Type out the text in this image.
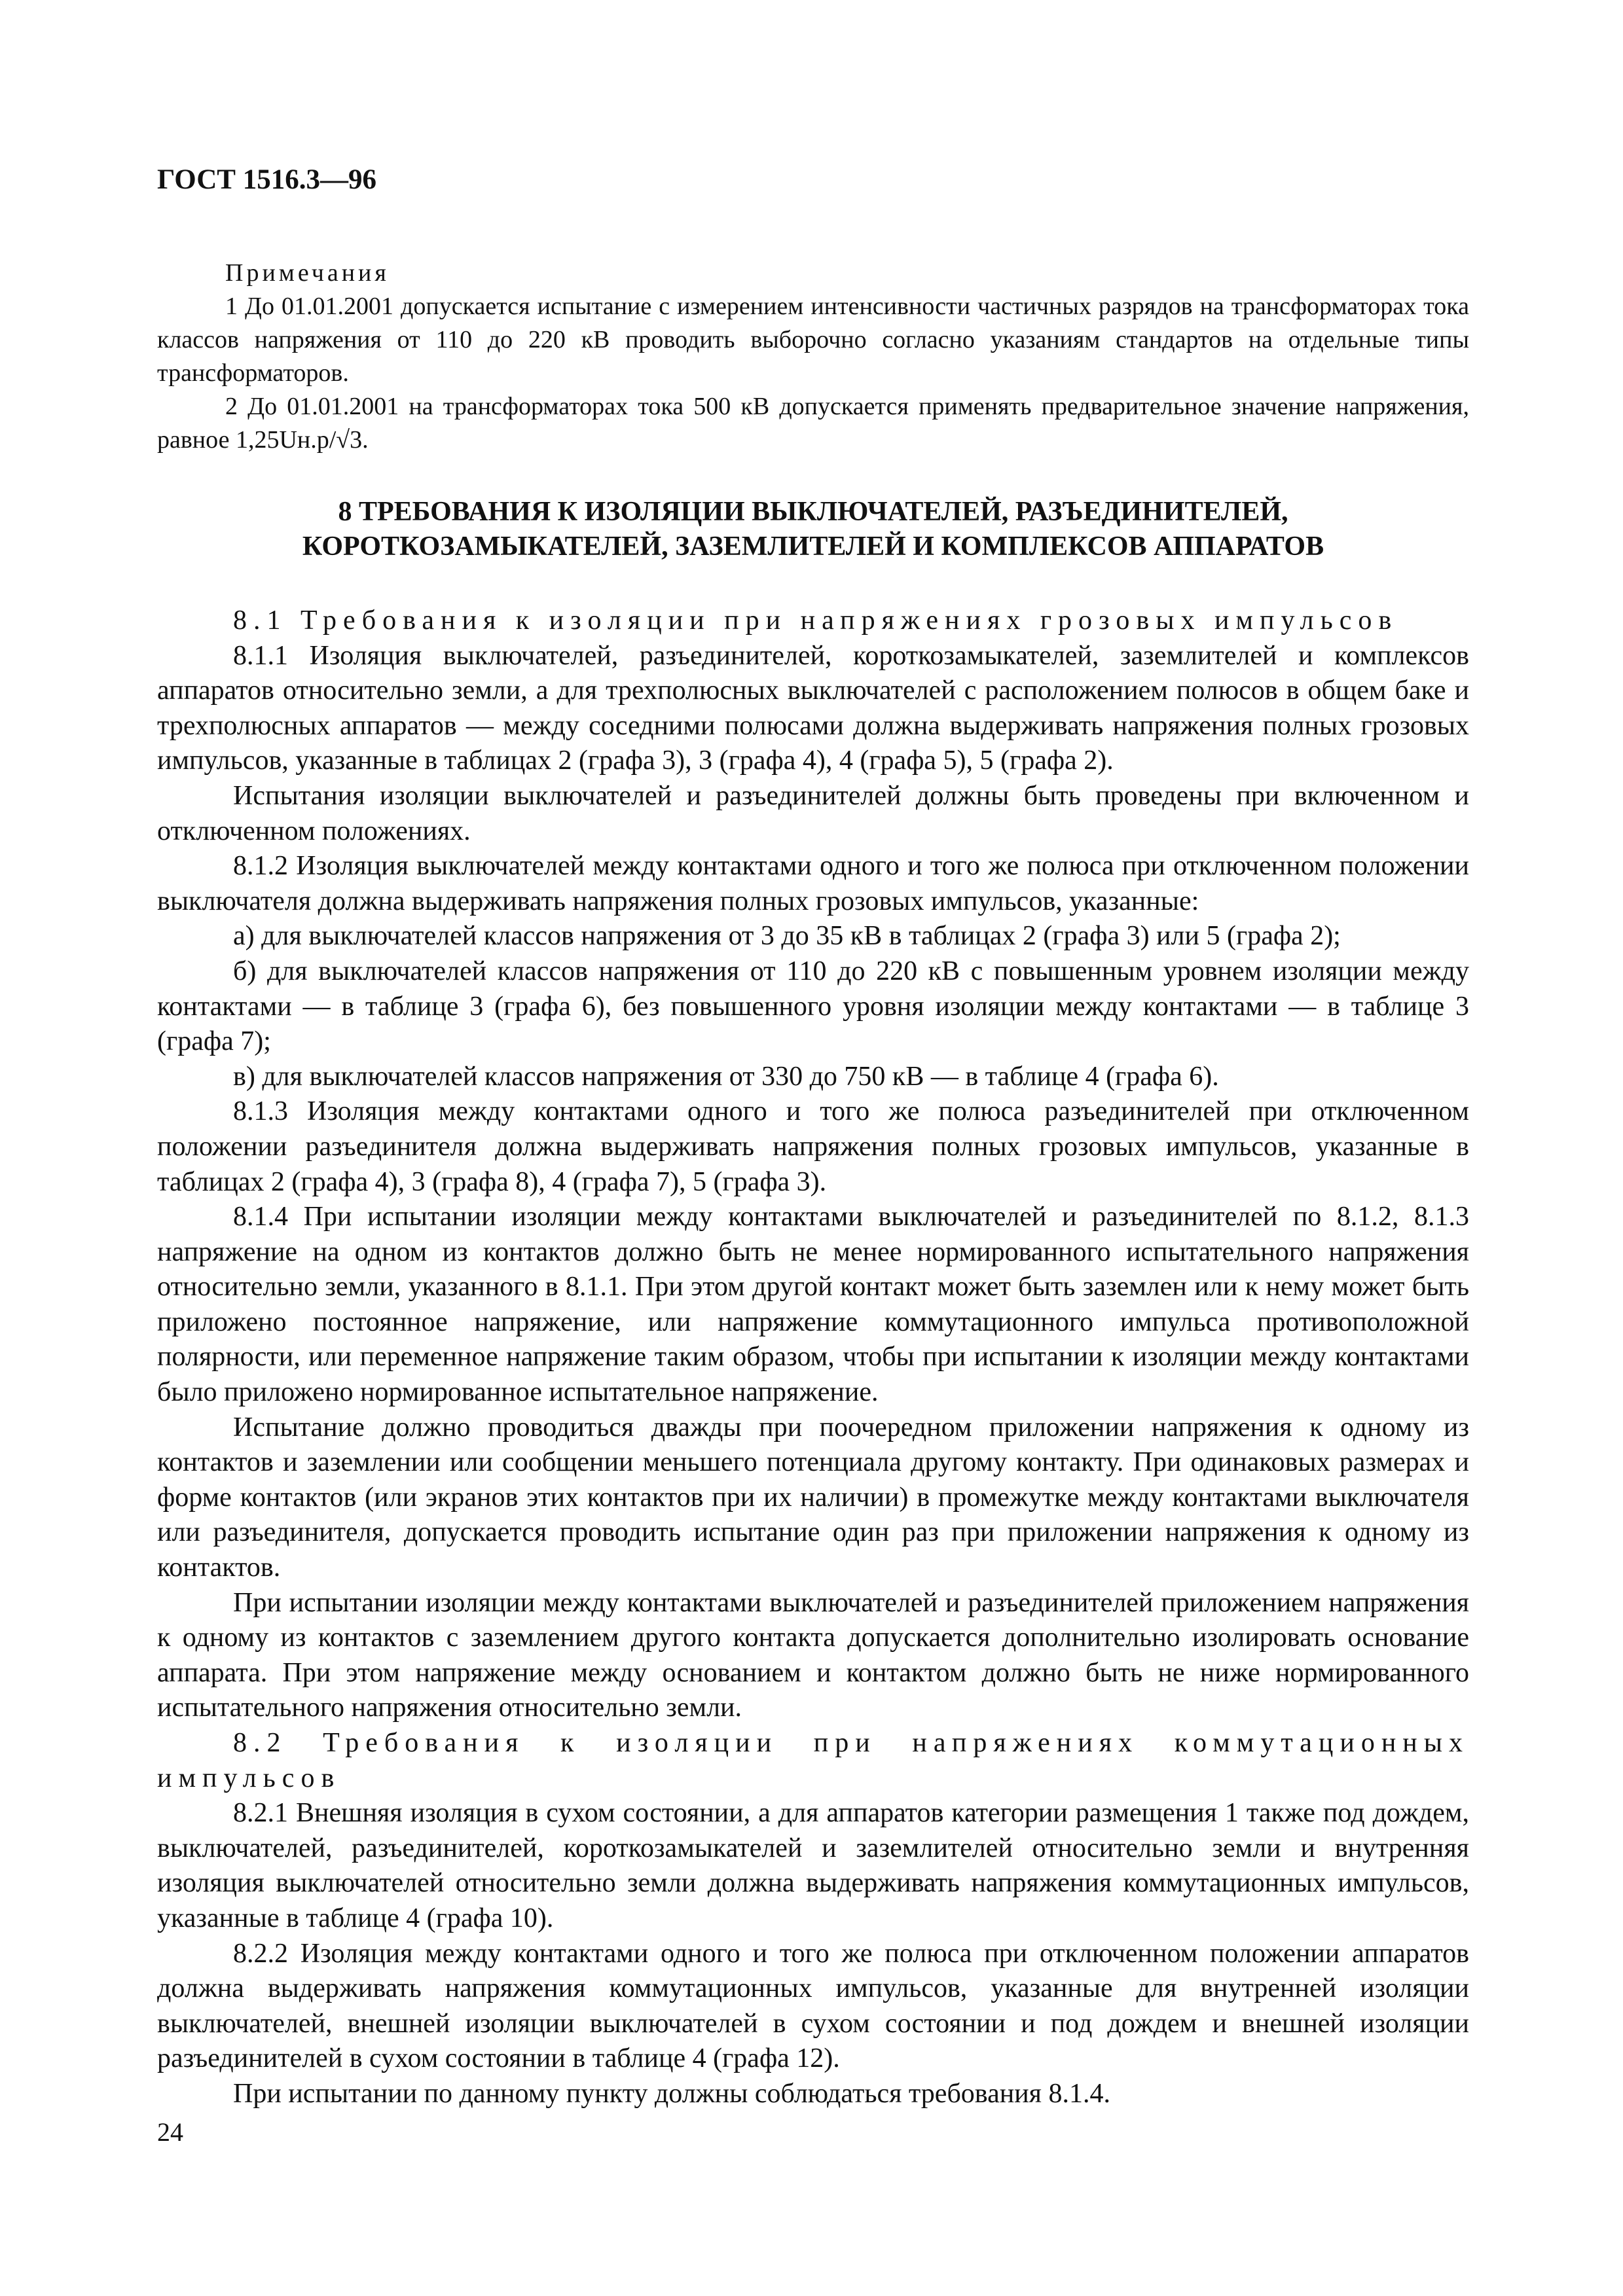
ГОСТ 1516.3—96

Примечания

1 До 01.01.2001 допускается испытание с измерением интенсивности частичных разрядов на трансформаторах тока классов напряжения от 110 до 220 кВ проводить выборочно согласно указаниям стандартов на отдельные типы трансформаторов.

2 До 01.01.2001 на трансформаторах тока 500 кВ допускается применять предварительное значение напряжения, равное 1,25Uн.р/√3.

8 ТРЕБОВАНИЯ К ИЗОЛЯЦИИ ВЫКЛЮЧАТЕЛЕЙ, РАЗЪЕДИНИТЕЛЕЙ, КОРОТКОЗАМЫКАТЕЛЕЙ, ЗАЗЕМЛИТЕЛЕЙ И КОМПЛЕКСОВ АППАРАТОВ

8.1 Требования к изоляции при напряжениях грозовых импульсов

8.1.1 Изоляция выключателей, разъединителей, короткозамыкателей, заземлителей и комплексов аппаратов относительно земли, а для трехполюсных выключателей с расположением полюсов в общем баке и трехполюсных аппаратов — между соседними полюсами должна выдерживать напряжения полных грозовых импульсов, указанные в таблицах 2 (графа 3), 3 (графа 4), 4 (графа 5), 5 (графа 2).

Испытания изоляции выключателей и разъединителей должны быть проведены при включенном и отключенном положениях.

8.1.2 Изоляция выключателей между контактами одного и того же полюса при отключенном положении выключателя должна выдерживать напряжения полных грозовых импульсов, указанные:

а) для выключателей классов напряжения от 3 до 35 кВ в таблицах 2 (графа 3) или 5 (графа 2);

б) для выключателей классов напряжения от 110 до 220 кВ с повышенным уровнем изоляции между контактами — в таблице 3 (графа 6), без повышенного уровня изоляции между контактами — в таблице 3 (графа 7);

в) для выключателей классов напряжения от 330 до 750 кВ — в таблице 4 (графа 6).

8.1.3 Изоляция между контактами одного и того же полюса разъединителей при отключенном положении разъединителя должна выдерживать напряжения полных грозовых импульсов, указанные в таблицах 2 (графа 4), 3 (графа 8), 4 (графа 7), 5 (графа 3).

8.1.4 При испытании изоляции между контактами выключателей и разъединителей по 8.1.2, 8.1.3 напряжение на одном из контактов должно быть не менее нормированного испытательного напряжения относительно земли, указанного в 8.1.1. При этом другой контакт может быть заземлен или к нему может быть приложено постоянное напряжение, или напряжение коммутационного импульса противоположной полярности, или переменное напряжение таким образом, чтобы при испытании к изоляции между контактами было приложено нормированное испытательное напряжение.

Испытание должно проводиться дважды при поочередном приложении напряжения к одному из контактов и заземлении или сообщении меньшего потенциала другому контакту. При одинаковых размерах и форме контактов (или экранов этих контактов при их наличии) в промежутке между контактами выключателя или разъединителя, допускается проводить испытание один раз при приложении напряжения к одному из контактов.

При испытании изоляции между контактами выключателей и разъединителей приложением напряжения к одному из контактов с заземлением другого контакта допускается дополнительно изолировать основание аппарата. При этом напряжение между основанием и контактом должно быть не ниже нормированного испытательного напряжения относительно земли.

8.2 Требования к изоляции при напряжениях коммутационных импульсов

8.2.1 Внешняя изоляция в сухом состоянии, а для аппаратов категории размещения 1 также под дождем, выключателей, разъединителей, короткозамыкателей и заземлителей относительно земли и внутренняя изоляция выключателей относительно земли должна выдерживать напряжения коммутационных импульсов, указанные в таблице 4 (графа 10).

8.2.2 Изоляция между контактами одного и того же полюса при отключенном положении аппаратов должна выдерживать напряжения коммутационных импульсов, указанные для внутренней изоляции выключателей, внешней изоляции выключателей в сухом состоянии и под дождем и внешней изоляции разъединителей в сухом состоянии в таблице 4 (графа 12).

При испытании по данному пункту должны соблюдаться требования 8.1.4.

24
